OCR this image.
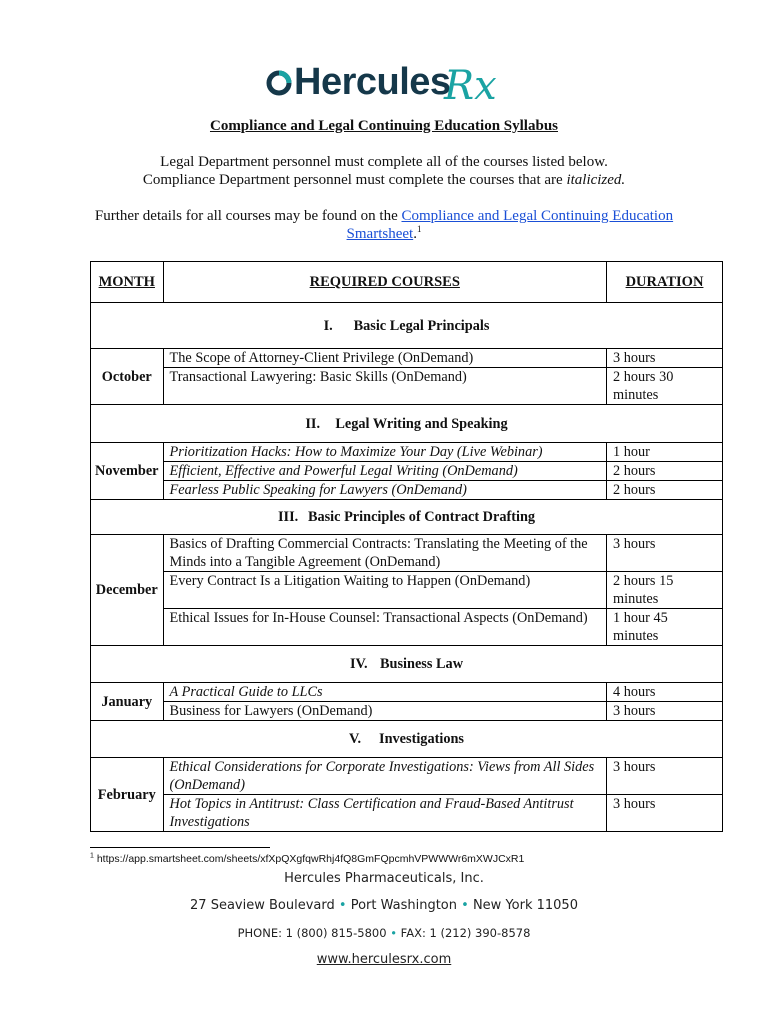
Hercules
Rx
Compliance and Legal Continuing Education Syllabus
Legal Department personnel must complete all of the courses listed below.
Compliance Department personnel must complete the courses that are italicized.
Further details for all courses may be found on the Compliance and Legal Continuing Education
Smartsheet.$^1$
MONTH	REQUIRED COURSES	DURATION
I. Basic Legal Principals		
October	The Scope of Attorney-Client Privilege (OnDemand)	3 hours
	Transactional Lawyering: Basic Skills (OnDemand)	2 hours 30 minutes
II. Legal Writing and Speaking		
November	Prioritization Hacks: How to Maximize Your Day (Live Webinar)	1 hour
	Efficient, Effective and Powerful Legal Writing (OnDemand)	2 hours
	Fearless Public Speaking for Lawyers (OnDemand)	2 hours
III. Basic Principles of Contract Drafting		
December	Basics of Drafting Commercial Contracts: Translating the Meeting of the Minds into a Tangible Agreement (OnDemand)	3 hours
	Every Contract Is a Litigation Waiting to Happen (OnDemand)	2 hours 15 minutes
	Ethical Issues for In-House Counsel: Transactional Aspects (OnDemand)	1 hour 45 minutes
IV. Business Law		
January	A Practical Guide to LLCs	4 hours
	Business for Lawyers (OnDemand)	3 hours
V. Investigations		
February	Ethical Considerations for Corporate Investigations: Views from All Sides (OnDemand)	3 hours
	Hot Topics in Antitrust: Class Certification and Fraud-Based Antitrust Investigations	3 hours
$^1$ https://app.smartsheet.com/sheets/xfXpQXgfqwRhj4fQ8GmFQpcmhVPWWWr6mXWJCxR1
Hercules Pharmaceuticals, Inc.
27 Seaview Boulevard • Port Washington • New York 11050
PHONE: 1 (800) 815-5800 • FAX: 1 (212) 390-8578
www.herculesrx.com
